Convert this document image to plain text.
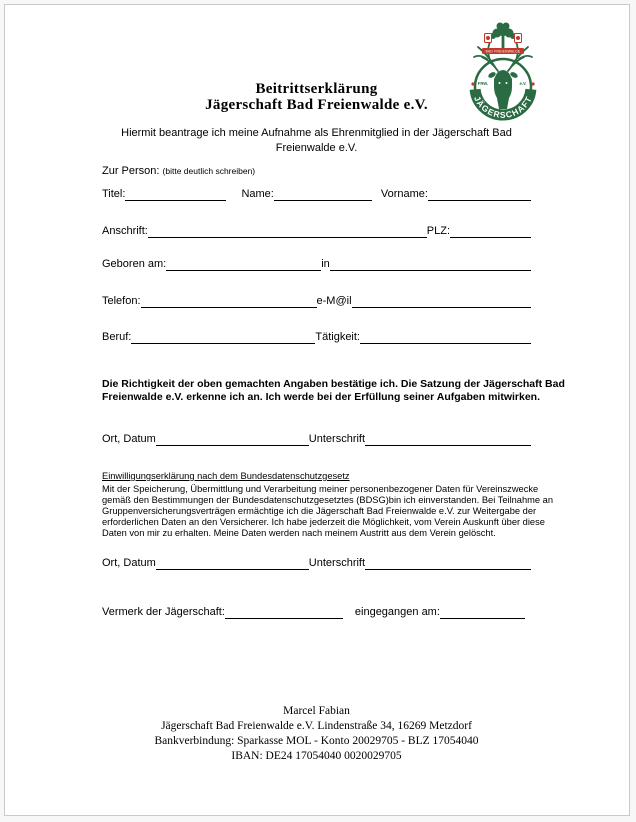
BAD FREIENWALDE
FRW.	e.V.
JÄGERSCHAFT
Beitrittserklärung
Jägerschaft Bad Freienwalde e.V.
Hiermit beantrage ich meine Aufnahme als Ehrenmitglied in der Jägerschaft Bad
Freienwalde e.V.
Zur Person: (bitte deutlich schreiben)
Titel:	Name:	Vorname:
Anschrift:	PLZ:
Geboren am:	in
Telefon:	e-M@il
Beruf:	Tätigkeit:
Die Richtigkeit der oben gemachten Angaben bestätige ich. Die Satzung der Jägerschaft Bad
Freienwalde e.V. erkenne ich an. Ich werde bei der Erfüllung seiner Aufgaben mitwirken.
Ort, Datum	Unterschrift
Einwilligungserklärung nach dem Bundesdatenschutzgesetz
Mit der Speicherung, Übermittlung und Verarbeitung meiner personenbezogener Daten für Vereinszwecke
gemäß den Bestimmungen der Bundesdatenschutzgesetztes (BDSG)bin ich einverstanden. Bei Teilnahme an
Gruppenversicherungsverträgen ermächtige ich die Jägerschaft Bad Freienwalde e.V. zur Weitergabe der
erforderlichen Daten an den Versicherer. Ich habe jederzeit die Möglichkeit, vom Verein Auskunft über diese
Daten von mir zu erhalten. Meine Daten werden nach meinem Austritt aus dem Verein gelöscht.
Ort, Datum	Unterschrift
Vermerk der Jägerschaft:	eingegangen am:
Marcel Fabian
Jägerschaft Bad Freienwalde e.V. Lindenstraße 34, 16269 Metzdorf
Bankverbindung: Sparkasse MOL - Konto 20029705 - BLZ 17054040
IBAN: DE24 17054040 0020029705
